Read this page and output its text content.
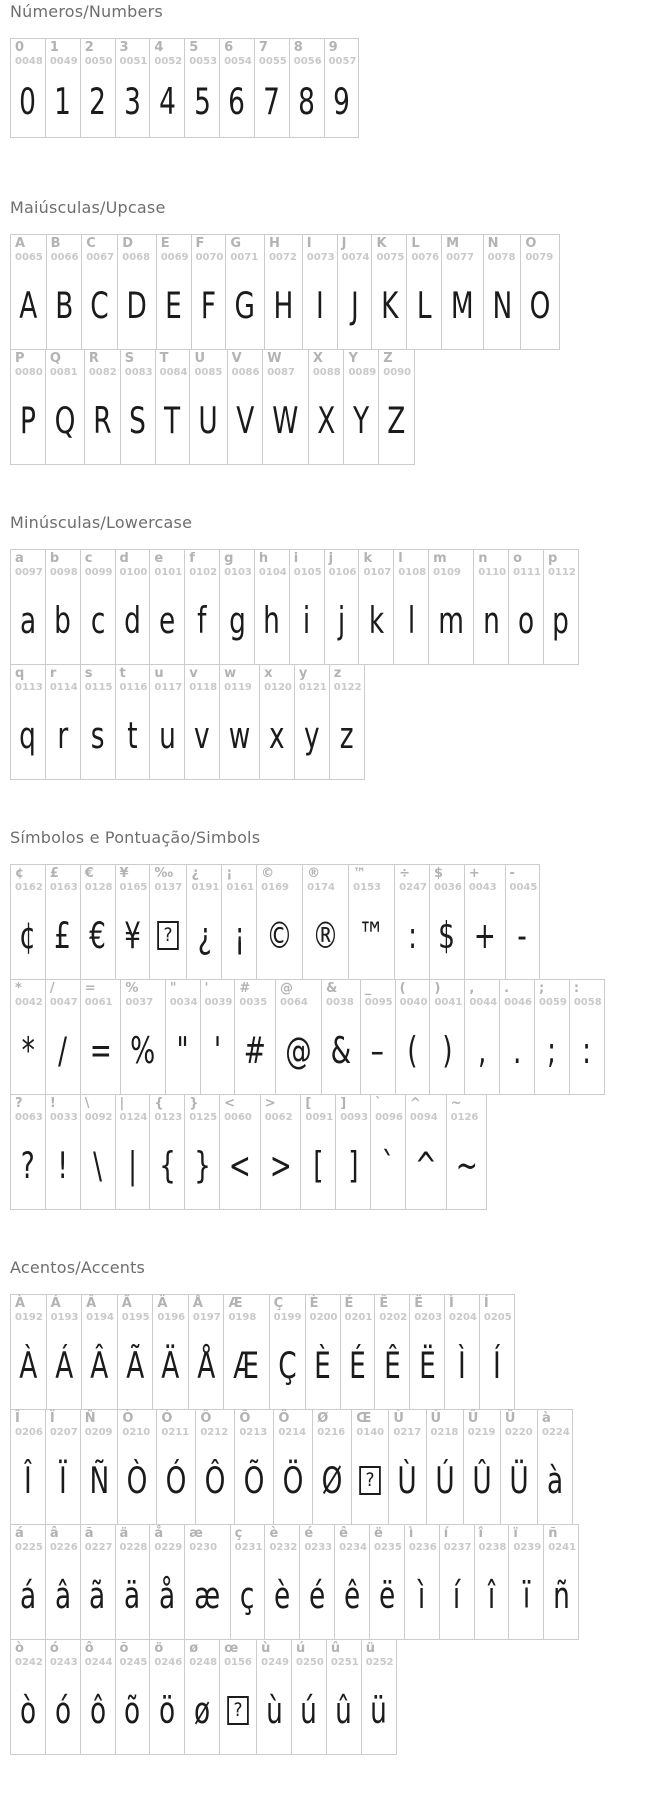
Números/Numbers
0
0048
0
1
0049
1
2
0050
2
3
0051
3
4
0052
4
5
0053
5
6
0054
6
7
0055
7
8
0056
8
9
0057
9
Maiúsculas/Upcase
A
0065
A
B
0066
B
C
0067
C
D
0068
D
E
0069
E
F
0070
F
G
0071
G
H
0072
H
I
0073
I
J
0074
J
K
0075
K
L
0076
L
M
0077
M
N
0078
N
O
0079
O
P
0080
P
Q
0081
Q
R
0082
R
S
0083
S
T
0084
T
U
0085
U
V
0086
V
W
0087
W
X
0088
X
Y
0089
Y
Z
0090
Z
Minúsculas/Lowercase
a
0097
a
b
0098
b
c
0099
c
d
0100
d
e
0101
e
f
0102
f
g
0103
g
h
0104
h
i
0105
i
j
0106
j
k
0107
k
l
0108
l
m
0109
m
n
0110
n
o
0111
o
p
0112
p
q
0113
q
r
0114
r
s
0115
s
t
0116
t
u
0117
u
v
0118
v
w
0119
w
x
0120
x
y
0121
y
z
0122
z
Símbolos e Pontuação/Simbols
¢
0162
¢
£
0163
£
€
0128
€
¥
0165
¥
‰
0137
?
¿
0191
¿
¡
0161
¡
©
0169
©
®
0174
®
™
0153
™
÷
0247
:
$
0036
$
+
0043
+
-
0045
-
*
0042
*
/
0047
/
=
0061
=
%
0037
%
"
0034
"
'
0039
'
#
0035
#
@
0064
@
&
0038
&
_
0095
–
(
0040
(
)
0041
)
,
0044
,
.
0046
.
;
0059
;
:
0058
:
?
0063
?
!
0033
!
\
0092
\
|
0124
|
{
0123
{
}
0125
}
<
0060
<
>
0062
>
[
0091
[
]
0093
]
`
0096
`
^
0094
^
~
0126
~
Acentos/Accents
À
0192
À
Á
0193
Á
Â
0194
Â
Ã
0195
Ã
Ä
0196
Ä
Å
0197
Å
Æ
0198
Æ
Ç
0199
Ç
È
0200
È
É
0201
É
Ê
0202
Ê
Ë
0203
Ë
Ì
0204
Ì
Í
0205
Í
Î
0206
Î
Ï
0207
Ï
Ñ
0209
Ñ
Ò
0210
Ò
Ó
0211
Ó
Ô
0212
Ô
Õ
0213
Õ
Ö
0214
Ö
Ø
0216
Ø
Œ
0140
?
Ù
0217
Ù
Ú
0218
Ú
Û
0219
Û
Ü
0220
Ü
à
0224
à
á
0225
á
â
0226
â
ã
0227
ã
ä
0228
ä
å
0229
å
æ
0230
æ
ç
0231
ç
è
0232
è
é
0233
é
ê
0234
ê
ë
0235
ë
ì
0236
ì
í
0237
í
î
0238
î
ï
0239
ï
ñ
0241
ñ
ò
0242
ò
ó
0243
ó
ô
0244
ô
õ
0245
õ
ö
0246
ö
ø
0248
ø
œ
0156
?
ù
0249
ù
ú
0250
ú
û
0251
û
ü
0252
ü
